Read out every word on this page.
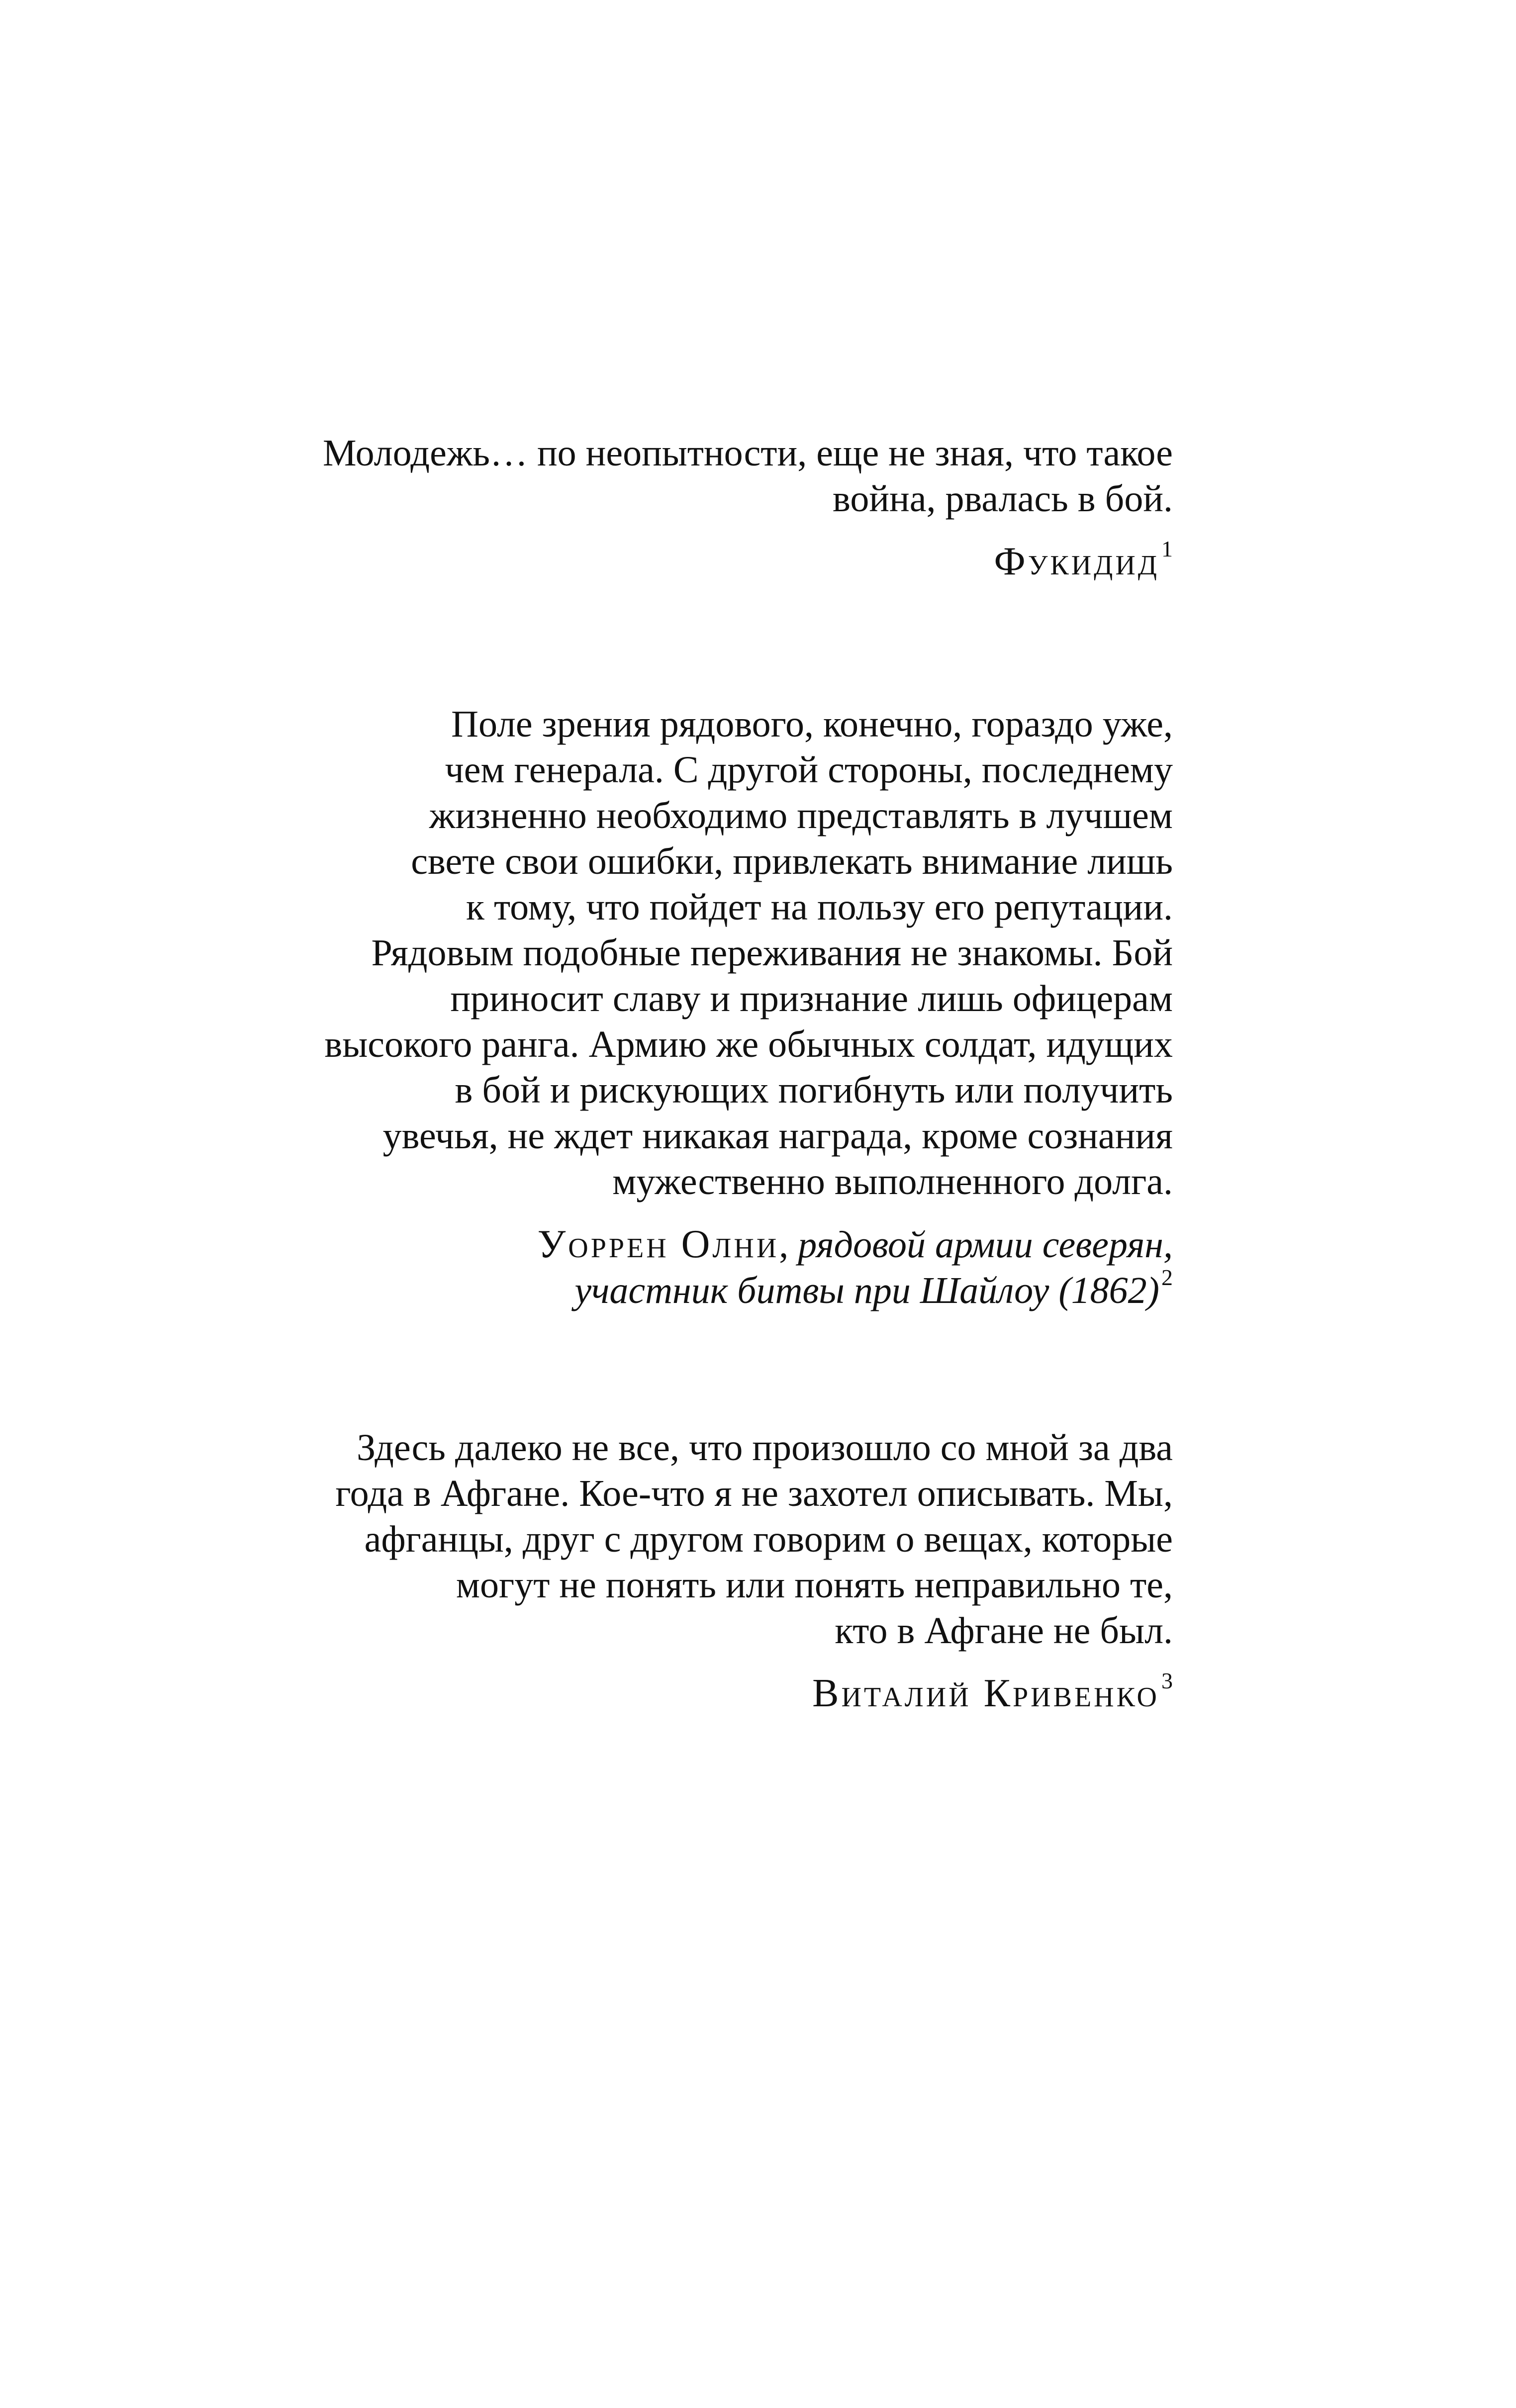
Молодежь… по неопытности, еще не зная, что такое
война, рвалась в бой.
Фукидид$^1$
Поле зрения рядового, конечно, гораздо уже,
чем генерала. С другой стороны, последнему
жизненно необходимо представлять в лучшем
свете свои ошибки, привлекать внимание лишь
к тому, что пойдет на пользу его репутации.
Рядовым подобные переживания не знакомы. Бой
приносит славу и признание лишь офицерам
высокого ранга. Армию же обычных солдат, идущих
в бой и рискующих погибнуть или получить
увечья, не ждет никакая награда, кроме сознания
мужественно выполненного долга.
Уоррен Олни, рядовой армии северян,
участник битвы при Шайлоу $(1862)^2$
Здесь далеко не все, что произошло со мной за два
года в Афгане. Кое-что я не захотел описывать. Мы,
афганцы, друг с другом говорим о вещах, которые
могут не понять или понять неправильно те,
кто в Афгане не был.
Виталий Кривенко$^3$
